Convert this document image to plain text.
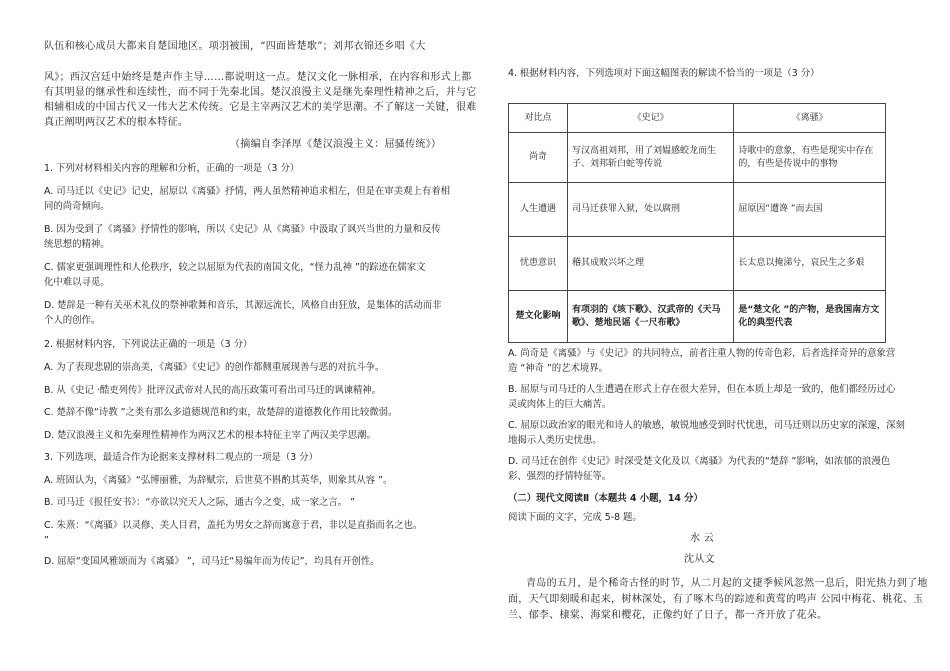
队伍和核心成员大都来自楚国地区。项羽被围，“四面皆楚歌”；刘邦衣锦还乡唱《大

风》；西汉宫廷中始终是楚声作主导……都说明这一点。楚汉文化一脉相承，在内容和形式上都

有其明显的继承性和连续性，而不同于先秦北国。楚汉浪漫主义是继先秦理性精神之后，并与它

相辅相成的中国古代又一伟大艺术传统。它是主宰两汉艺术的美学思潮。不了解这一关键，很难

真正阐明两汉艺术的根本特征。

（摘编自李泽厚《楚汉浪漫主义：屈骚传统》）

1. 下列对材料相关内容的理解和分析，正确的一项是（3 分）

A. 司马迁以《史记》记史，屈原以《离骚》抒情，两人虽然精神追求相左，但是在审美观上有着相

同的尚奇倾向。

B. 因为受到了《离骚》抒情性的影响，所以《史记》从《离骚》中汲取了讽兴当世的力量和反传

统思想的精神。

C. 儒家更强调理性和人伦秩序，较之以屈原为代表的南国文化，“怪力乱神 ”的踪迹在儒家文

化中难以寻觅。

D. 楚辞是一种有关巫术礼仪的祭神歌舞和音乐，其源远流长，风格自由狂放，是集体的活动而非

个人的创作。

2. 根据材料内容，下列说法正确的一项是（3 分）

A. 为了表现悲剧的崇高美，《离骚》《史记》的创作都侧重展现善与恶的对抗斗争。

B. 从《史记 ·酷吏列传》批评汉武帝对人民的高压政策可看出司马迁的讽谏精神。

C. 楚辞不像“诗教 ”之类有那么多道德规范和约束，故楚辞的道德教化作用比较微弱。

D. 楚汉浪漫主义和先秦理性精神作为两汉艺术的根本特征主宰了两汉美学思潮。

3. 下列选项，最适合作为论据来支撑材料二观点的一项是（3 分）

A. 班固认为，《离骚》“弘博丽雅，为辞赋宗，后世莫不斟酌其英华，则象其从容 ”。

B. 司马迁《报任安书》：“亦欲以究天人之际，通古今之变，成一家之言。 ”

C. 朱熹：“《离骚》以灵修、美人目君，盖托为男女之辞而寓意于君，非以是直指而名之也。

”

D. 屈原“变国风雅颂而为《离骚》 ”，司马迁“易编年而为传记”，均具有开创性。

4. 根据材料内容，下列选项对下面这幅图表的解读不恰当的一项是（3 分）

对比点	《史记》	《离骚》
尚奇	写汉高祖刘邦，用了刘媪感蛟龙而生子、刘邦斩白蛇等传说	诗歌中的意象，有些是现实中存在的，有些是传说中的事物
人生遭遇	司马迁获罪入狱，处以腐刑	屈原因“遭谗 ”而去国
忧患意识	稽其成败兴坏之理	长太息以掩涕兮，哀民生之多艰
楚文化影响	有项羽的《垓下歌》、汉武帝的《天马歌》、楚地民谣《一尺布歌》	是“楚文化 ”的产物，是我国南方文化的典型代表

A. 尚奇是《离骚》与《史记》的共同特点，前者注重人物的传奇色彩，后者选择奇异的意象营

造 “神奇 ”的艺术境界。

B. 屈原与司马迁的人生遭遇在形式上存在很大差异，但在本质上却是一致的，他们都经历过心

灵或肉体上的巨大痛苦。

C. 屈原以政治家的眼光和诗人的敏感，敏锐地感受到时代忧患，司马迁则以历史家的深邃，深刻

地揭示人类历史忧患。

D. 司马迁在创作《史记》时深受楚文化及以《离骚》为代表的“楚辞 ”影响，如浓郁的浪漫色

彩、强烈的抒情特征等。

（二）现代文阅读Ⅱ（本题共 4 小题，14 分）

阅读下面的文字，完成 5-8 题。

水 云

沈从文

青岛的五月，是个稀奇古怪的时节，从二月起的文捷季候风忽然一息后，阳光热力到了地

面，天气即刻暖和起来，树林深处，有了啄木鸟的踪迹和黄莺的鸣声 公园中梅花、桃花、玉

兰、郁李、棣棠、海棠和樱花，正像约好了日子，都一齐开放了花朵。
